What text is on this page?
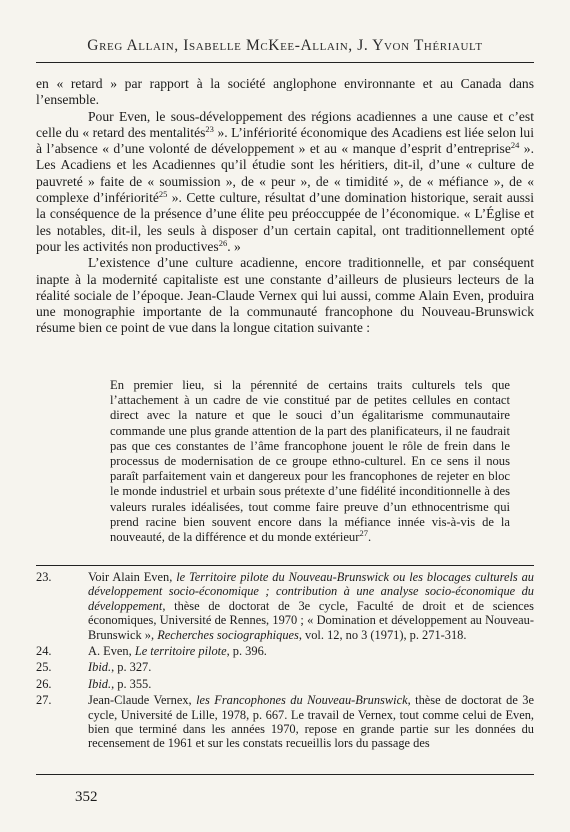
Greg Allain, Isabelle McKee-Allain, J. Yvon Thériault

en « retard » par rapport à la société anglophone environnante et au Canada dans l’ensemble.

Pour Even, le sous-développement des régions acadiennes a une cause et c’est celle du « retard des mentalités$^{23}$ ». L’infériorité économique des Acadiens est liée selon lui à l’absence « d’une volonté de développement » et au « manque d’esprit d’entreprise$^{24}$ ». Les Acadiens et les Acadiennes qu’il étudie sont les héritiers, dit-il, d’une « culture de pauvreté » faite de « soumission », de « peur », de « timidité », de « méfiance », de « complexe d’infériorité$^{25}$ ». Cette culture, résultat d’une domination historique, serait aussi la conséquence de la présence d’une élite peu préoccuppée de l’économique. « L’Église et les notables, dit-il, les seuls à disposer d’un certain capital, ont traditionnellement opté pour les activités non productives$^{26}$. »

L’existence d’une culture acadienne, encore traditionnelle, et par conséquent inapte à la modernité capitaliste est une constante d’ailleurs de plusieurs lecteurs de la réalité sociale de l’époque. Jean-Claude Vernex qui lui aussi, comme Alain Even, produira une monographie importante de la communauté francophone du Nouveau-Brunswick résume bien ce point de vue dans la longue citation suivante :

En premier lieu, si la pérennité de certains traits culturels tels que l’attachement à un cadre de vie constitué par de petites cellules en contact direct avec la nature et que le souci d’un égalitarisme communautaire commande une plus grande attention de la part des planificateurs, il ne faudrait pas que ces constantes de l’âme francophone jouent le rôle de frein dans le processus de modernisation de ce groupe ethno-culturel. En ce sens il nous paraît parfaitement vain et dangereux pour les francophones de rejeter en bloc le monde industriel et urbain sous prétexte d’une fidélité inconditionnelle à des valeurs rurales idéalisées, tout comme faire preuve d’un ethnocentrisme qui prend racine bien souvent encore dans la méfiance innée vis-à-vis de la nouveauté, de la différence et du monde extérieur$^{27}$.
23.	Voir Alain Even, le Territoire pilote du Nouveau-Brunswick ou les blocages culturels au développement socio-économique ; contribution à une analyse socio-économique du développement, thèse de doctorat de 3e cycle, Faculté de droit et de sciences économiques, Université de Rennes, 1970 ; « Domination et développement au Nouveau-Brunswick », Recherches sociographiques, vol. 12, no 3 (1971), p. 271-318.
24.	A. Even, Le territoire pilote, p. 396.
25.	Ibid., p. 327.
26.	Ibid., p. 355.
27.	Jean-Claude Vernex, les Francophones du Nouveau-Brunswick, thèse de doctorat de 3e cycle, Université de Lille, 1978, p. 667. Le travail de Vernex, tout comme celui de Even, bien que terminé dans les années 1970, repose en grande partie sur les données du recensement de 1961 et sur les constats recueillis lors du passage des
352
